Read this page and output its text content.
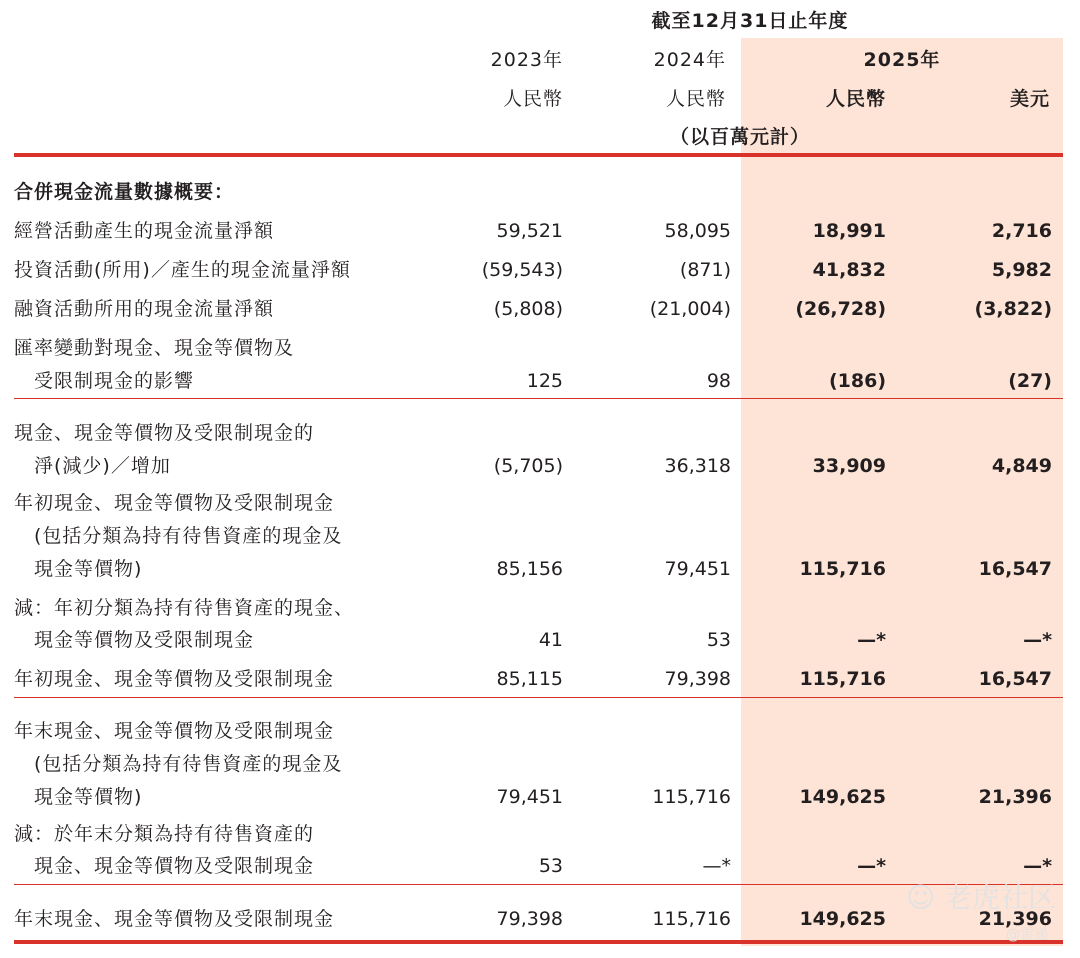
截至12月31日止年度
2023年	2024年	2025年
人民幣	人民幣	人民幣	美元
（以百萬元計）
合併現金流量數據概要：
經營活動產生的現金流量淨額	59,521	58,095	18,991	2,716
投資活動(所用)／產生的現金流量淨額	(59,543)	(871)	41,832	5,982
融資活動所用的現金流量淨額	(5,808)	(21,004)	(26,728)	(3,822)
匯率變動對現金、現金等價物及
受限制現金的影響	125	98	(186)	(27)
現金、現金等價物及受限制現金的
淨(減少)／增加	(5,705)	36,318	33,909	4,849
年初現金、現金等價物及受限制現金
(包括分類為持有待售資產的現金及
現金等價物)	85,156	79,451	115,716	16,547
減：年初分類為持有待售資產的現金、
現金等價物及受限制現金	41	53	—*	—*
年初現金、現金等價物及受限制現金	85,115	79,398	115,716	16,547
年末現金、現金等價物及受限制現金
(包括分類為持有待售資產的現金及
現金等價物)	79,451	115,716	149,625	21,396
減：於年末分類為持有待售資產的
現金、現金等價物及受限制現金	53	—*	—*	—*
年末現金、現金等價物及受限制現金	79,398	115,716	149,625	21,396
☺ 老虎社区
@雷递
